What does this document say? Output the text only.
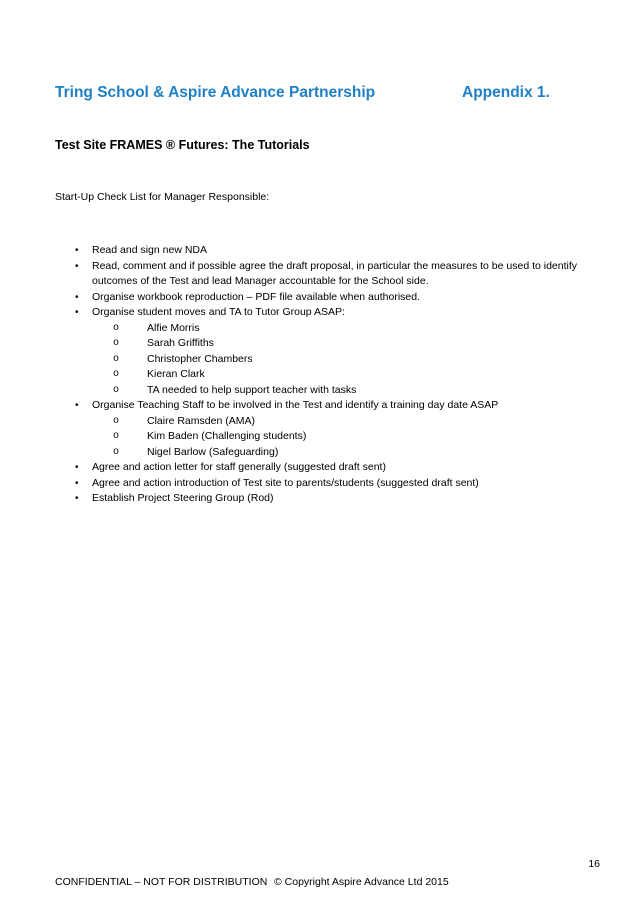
Tring School & Aspire Advance Partnership	Appendix 1.
Test Site FRAMES ® Futures: The Tutorials
Start-Up Check List for Manager Responsible:
• Read and sign new NDA
• Read, comment and if possible agree the draft proposal, in particular the measures to be used to identify outcomes of the Test and lead Manager accountable for the School side.
• Organise workbook reproduction – PDF file available when authorised.
• Organise student moves and TA to Tutor Group ASAP:
o	Alfie Morris
o	Sarah Griffiths
o	Christopher Chambers
o	Kieran Clark
o	TA needed to help support teacher with tasks
• Organise Teaching Staff to be involved in the Test and identify a training day date ASAP
o	Claire Ramsden (AMA)
o	Kim Baden (Challenging students)
o	Nigel Barlow (Safeguarding)
• Agree and action letter for staff generally (suggested draft sent)
• Agree and action introduction of Test site to parents/students (suggested draft sent)
• Establish Project Steering Group (Rod)
16
CONFIDENTIAL – NOT FOR DISTRIBUTION © Copyright Aspire Advance Ltd 2015
